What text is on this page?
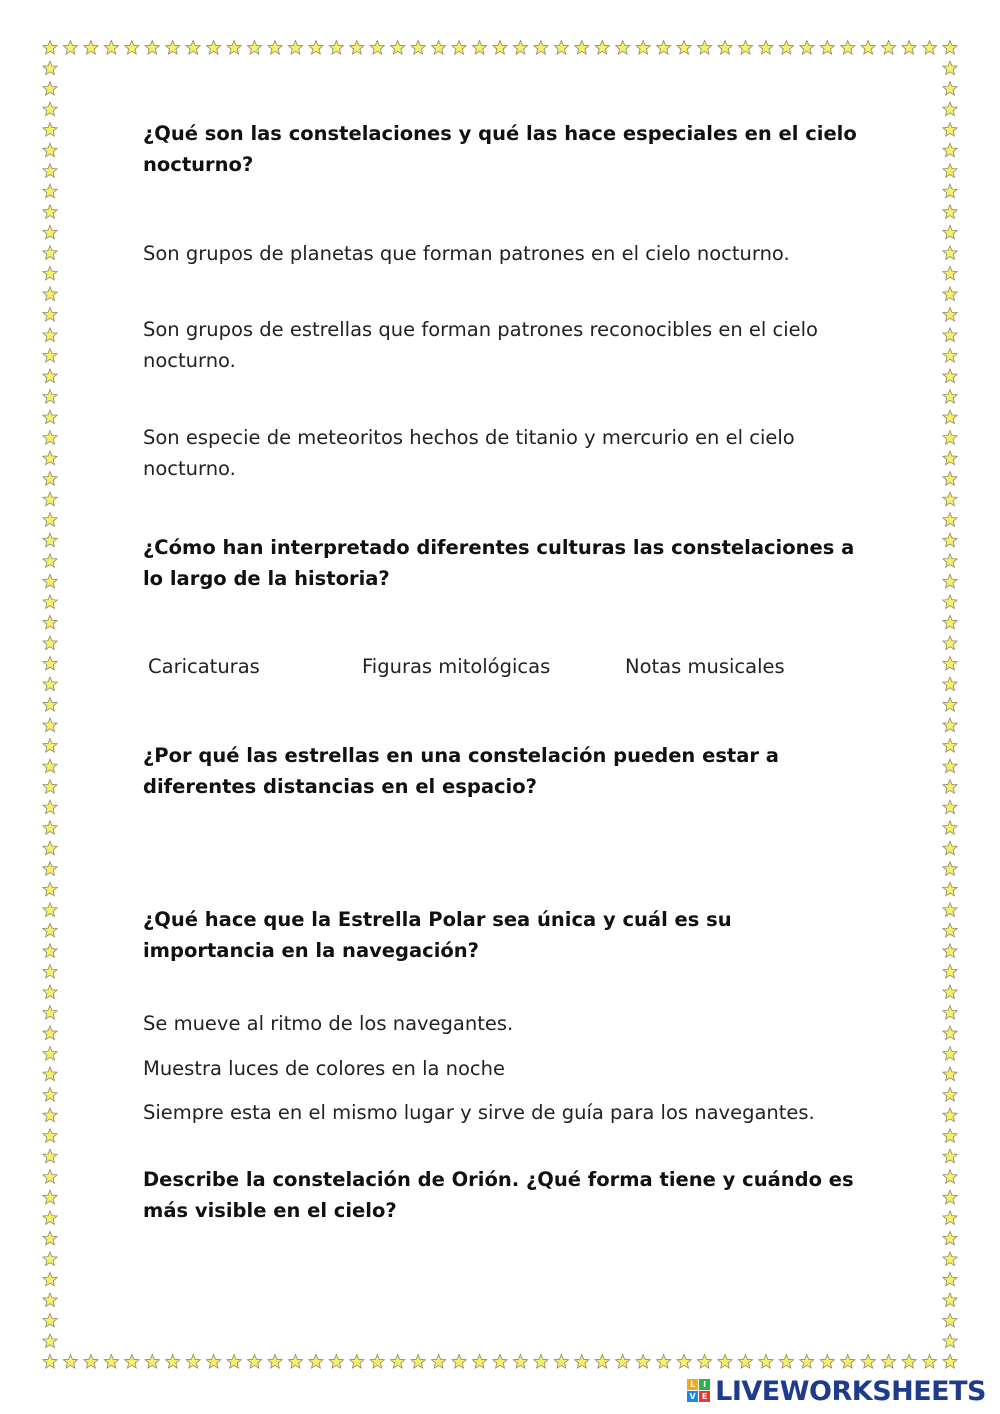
¿Qué son las constelaciones y qué las hace especiales en el cielo nocturno?
Son grupos de planetas que forman patrones en el cielo nocturno.
Son grupos de estrellas que forman patrones reconocibles en el cielo nocturno.
Son especie de meteoritos hechos de titanio y mercurio en el cielo nocturno.
¿Cómo han interpretado diferentes culturas las constelaciones a lo largo de la historia?
Caricaturas	Figuras mitológicas	Notas musicales
¿Por qué las estrellas en una constelación pueden estar a diferentes distancias en el espacio?
¿Qué hace que la Estrella Polar sea única y cuál es su importancia en la navegación?
Se mueve al ritmo de los navegantes.
Muestra luces de colores en la noche
Siempre esta en el mismo lugar y sirve de guía para los navegantes.
Describe la constelación de Orión. ¿Qué forma tiene y cuándo es más visible en el cielo?
L I
V E LIVEWORKSHEETS
